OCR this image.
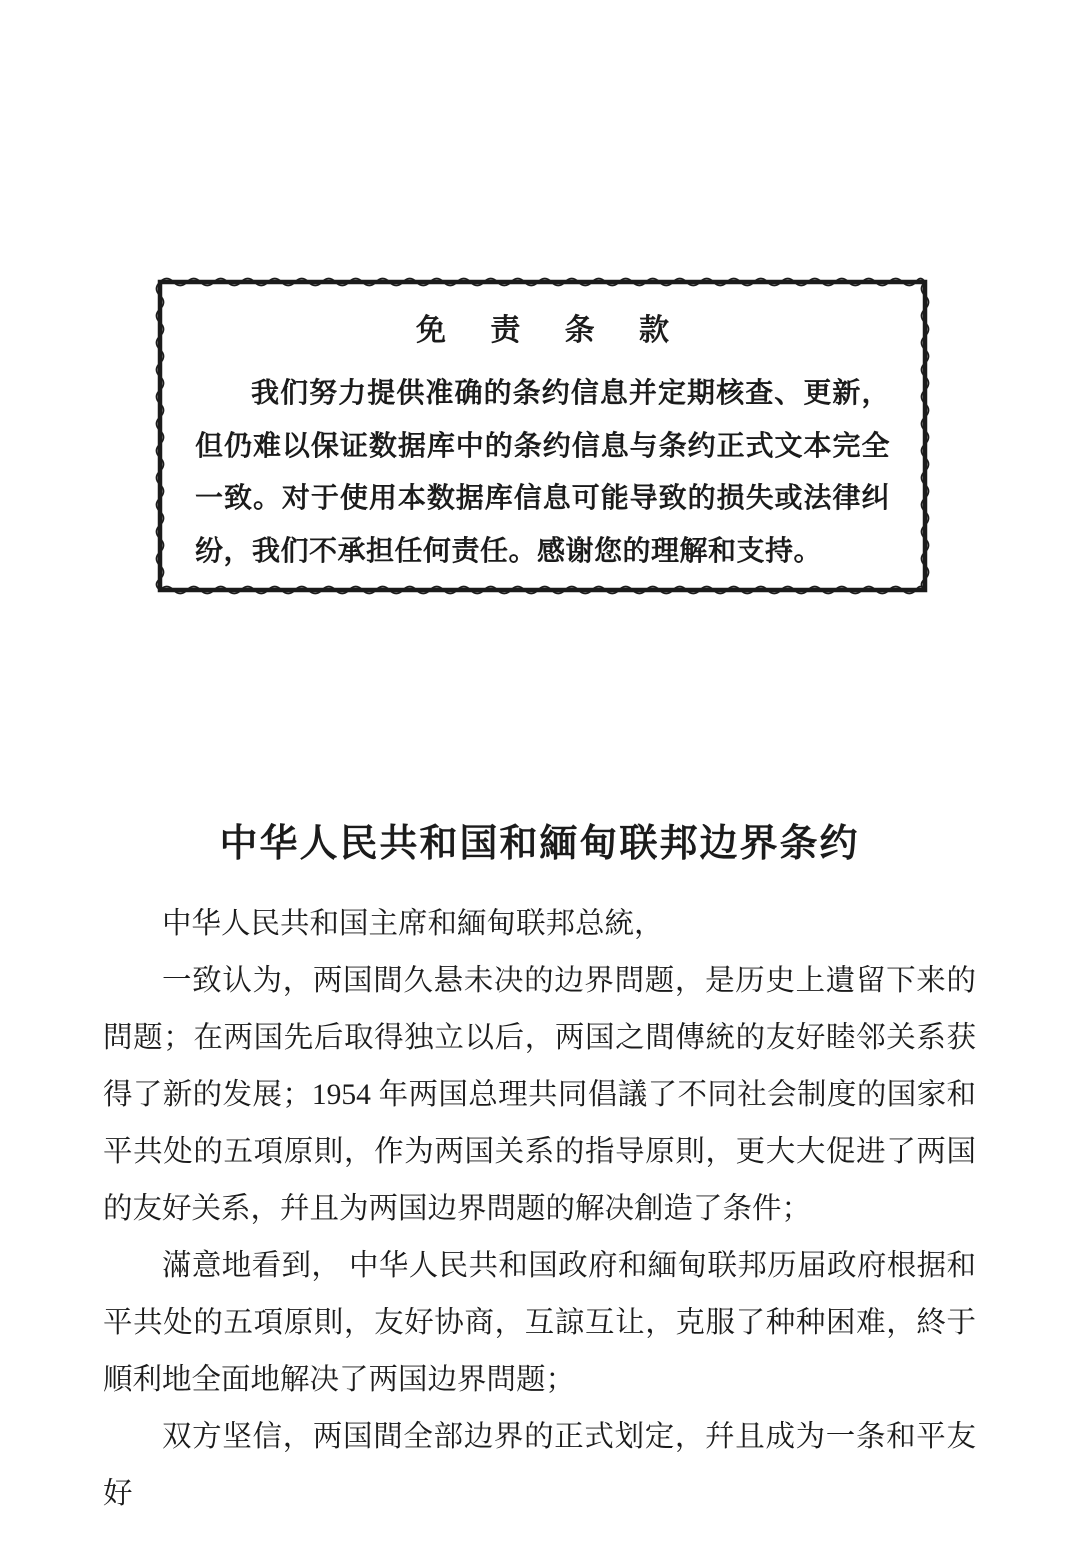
免 责 条 款

我们努力提供准确的条约信息并定期核查、更新，但仍难以保证数据库中的条约信息与条约正式文本完全一致。对于使用本数据库信息可能导致的损失或法律纠纷，我们不承担任何责任。感谢您的理解和支持。

中华人民共和国和緬甸联邦边界条约

中华人民共和国主席和緬甸联邦总統，

一致认为，两国間久悬未决的边界問题，是历史上遺留下来的問题；在两国先后取得独立以后，两国之間傳統的友好睦邻关系获得了新的发展；1954 年两国总理共同倡議了不同社会制度的国家和平共处的五項原則，作为两国关系的指导原則，更大大促进了两国的友好关系，幷且为两国边界問题的解决創造了条件；

滿意地看到， 中华人民共和国政府和緬甸联邦历届政府根据和平共处的五項原則，友好协商，互諒互让，克服了种种困难，終于順利地全面地解决了两国边界問题；

双方坚信，两国間全部边界的正式划定，幷且成为一条和平友好
